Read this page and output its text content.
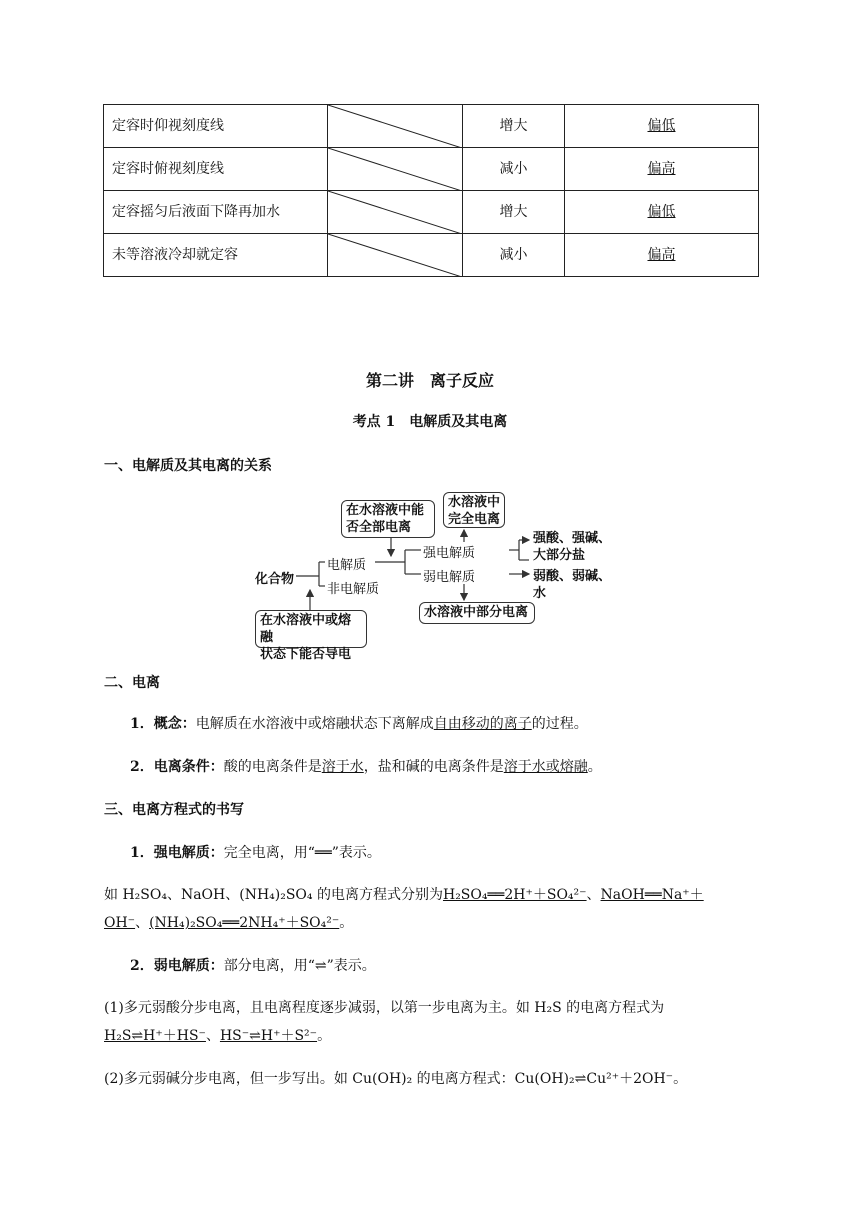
定容时仰视刻度线		增大	偏低
定容时俯视刻度线		减小	偏高
定容摇匀后液面下降再加水		增大	偏低
未等溶液冷却就定容		减小	偏高
第二讲　离子反应
考点 1　电解质及其电离
一、电解质及其电离的关系
在水溶液中能
否全部电离
水溶液中
完全电离
化合物
电解质
非电解质
强电解质
弱电解质
强酸、强碱、
大部分盐
弱酸、弱碱、
水
水溶液中部分电离
在水溶液中或熔融
状态下能否导电
二、电离
1．概念：电解质在水溶液中或熔融状态下离解成自由移动的离子的过程。
2．电离条件：酸的电离条件是溶于水，盐和碱的电离条件是溶于水或熔融。
三、电离方程式的书写
1．强电解质：完全电离，用“══”表示。
如 H₂SO₄、NaOH、(NH₄)₂SO₄ 的电离方程式分别为H₂SO₄══2H⁺＋SO₄²⁻、NaOH══Na⁺＋
OH⁻、(NH₄)₂SO₄══2NH₄⁺＋SO₄²⁻。
2．弱电解质：部分电离，用“⇌”表示。
(1)多元弱酸分步电离，且电离程度逐步减弱，以第一步电离为主。如 H₂S 的电离方程式为
H₂S⇌H⁺＋HS⁻、HS⁻⇌H⁺＋S²⁻。
(2)多元弱碱分步电离，但一步写出。如 Cu(OH)₂ 的电离方程式：Cu(OH)₂⇌Cu²⁺＋2OH⁻。
